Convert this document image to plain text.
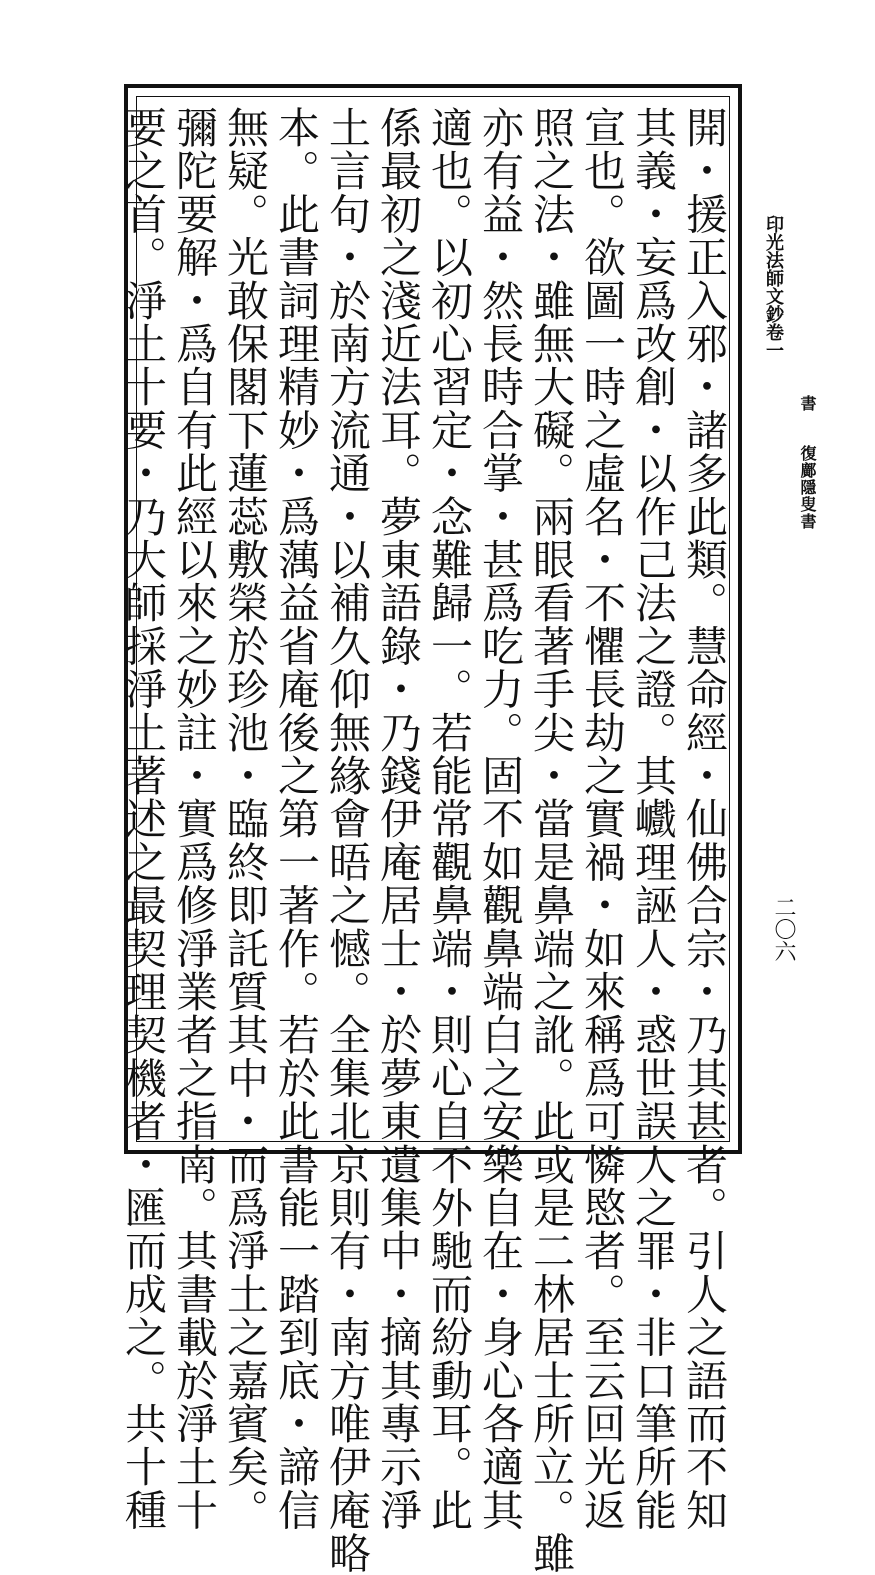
開・援正入邪・諸多此類。慧命經・仙佛合宗・乃其甚者。引人之語而不知
其義・妄爲改創・以作己法之證。其巇理誣人・惑世誤人之罪・非口筆所能
宣也。欲圖一時之虛名・不懼長劫之實禍・如來稱爲可憐愍者。至云回光返
照之法・雖無大礙。兩眼看著手尖・當是鼻端之訛。此或是二林居士所立。雖
亦有益・然長時合掌・甚爲吃力。固不如觀鼻端白之安樂自在・身心各適其
適也。以初心習定・念難歸一。若能常觀鼻端・則心自不外馳而紛動耳。此
係最初之淺近法耳。夢東語錄・乃錢伊庵居士・於夢東遺集中・摘其專示淨
土言句・於南方流通・以補久仰無緣會晤之憾。全集北京則有・南方唯伊庵略
本。此書詞理精妙・爲蕅益省庵後之第一著作。若於此書能一踏到底・諦信
無疑。光敢保閣下蓮蕊敷榮於珍池・臨終即託質其中・而爲淨土之嘉賓矣。
彌陀要解・爲自有此經以來之妙註・實爲修淨業者之指南。其書載於淨土十
要之首。淨土十要・乃大師採淨土著述之最契理契機者・匯而成之。共十種	印光法師文鈔卷一
書
復鄺隱叟書
二〇六
